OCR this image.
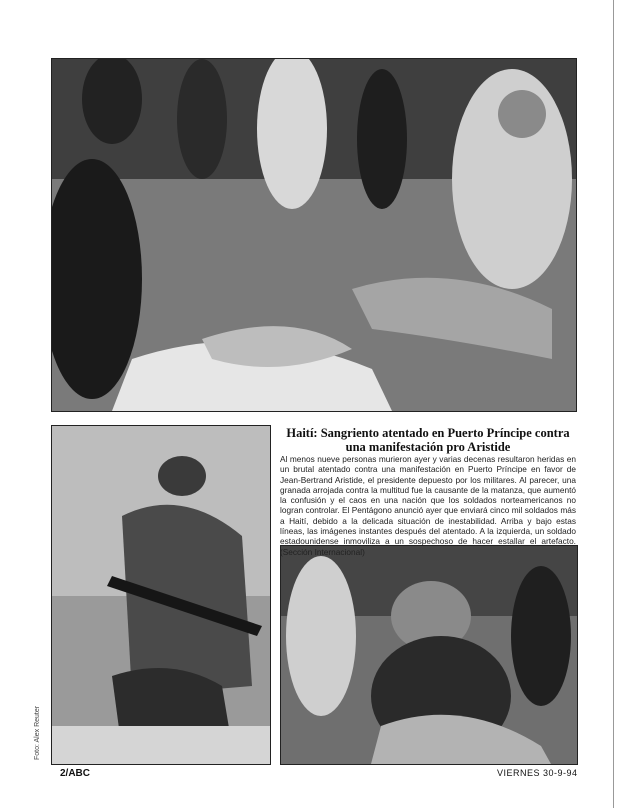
Haití: Sangriento atentado en Puerto Príncipe contra una manifestación pro Aristide
Al menos nueve personas murieron ayer y varias decenas resultaron heridas en un brutal atentado contra una manifestación en Puerto Príncipe en favor de Jean-Bertrand Aristide, el presidente depuesto por los militares. Al parecer, una granada arrojada contra la multitud fue la causante de la matanza, que aumentó la confusión y el caos en una nación que los soldados norteamericanos no logran controlar. El Pentágono anunció ayer que enviará cinco mil soldados más a Haití, debido a la delicada situación de inestabilidad. Arriba y bajo estas líneas, las imágenes instantes después del atentado. A la izquierda, un soldado estadounidense inmoviliza a un sospechoso de hacer estallar el artefacto. (Sección Internacional)
Foto: Alex Reuter
2/ABC	VIERNES 30-9-94
